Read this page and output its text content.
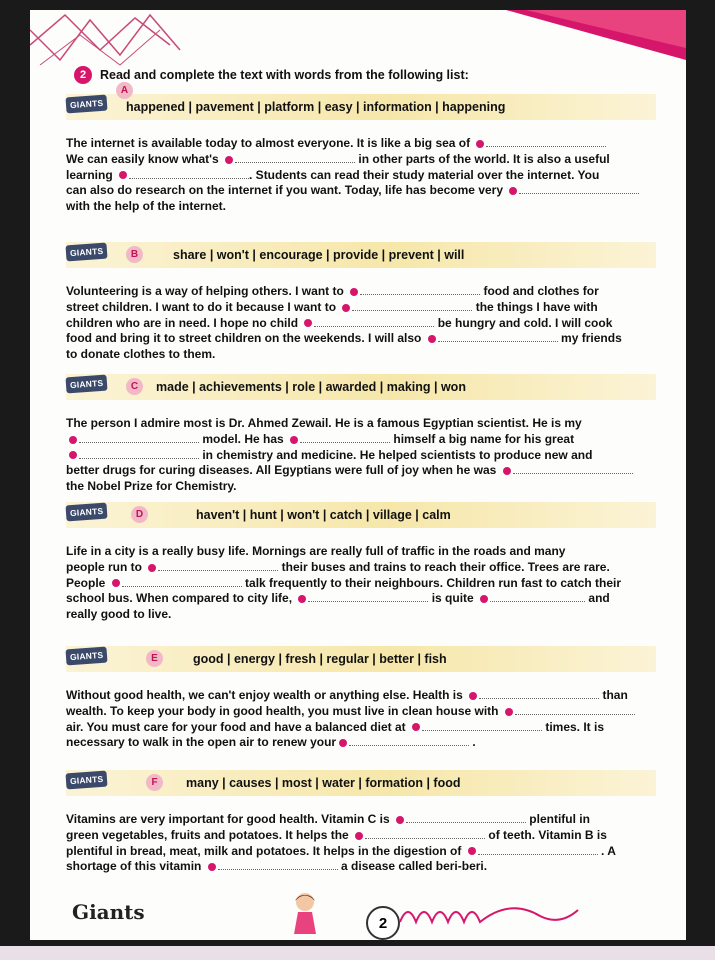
2	Read and complete the text with words from the following list:
GIANTS
A
happened | pavement | platform | easy | information | happening

The internet is available today to almost everyone. It is like a big sea of

We can easily know what's	in other parts of the world. It is also a useful

learning	. Students can read their study material over the internet. You

can also do research on the internet if you want. Today, life has become very

with the help of the internet.

GIANTS	B	share | won't | encourage | provide | prevent | will

Volunteering is a way of helping others. I want to	food and clothes for

street children. I want to do it because I want to	the things I have with

children who are in need. I hope no child	be hungry and cold. I will cook

food and bring it to street children on the weekends. I will also	my friends

to donate clothes to them.

GIANTS	C	made | achievements | role | awarded | making | won

The person I admire most is Dr. Ahmed Zewail. He is a famous Egyptian scientist. He is my

model. He has	himself a big name for his great

in chemistry and medicine. He helped scientists to produce new and

better drugs for curing diseases. All Egyptians were full of joy when he was

the Nobel Prize for Chemistry.

GIANTS	D	haven't | hunt | won't | catch | village | calm

Life in a city is a really busy life. Mornings are really full of traffic in the roads and many

people run to	their buses and trains to reach their office. Trees are rare.

People	talk frequently to their neighbours. Children run fast to catch their

school bus. When compared to city life,	is quite	and

really good to live.

GIANTS	E	good | energy | fresh | regular | better | fish

Without good health, we can't enjoy wealth or anything else. Health is	than

wealth. To keep your body in good health, you must live in clean house with

air. You must care for your food and have a balanced diet at	times. It is

necessary to walk in the open air to renew your	.

GIANTS	F	many | causes | most | water | formation | food

Vitamins are very important for good health. Vitamin C is	plentiful in

green vegetables, fruits and potatoes. It helps the	of teeth. Vitamin B is

plentiful in bread, meat, milk and potatoes. It helps in the digestion of	. A

shortage of this vitamin	a disease called beri-beri.

Giants	2
